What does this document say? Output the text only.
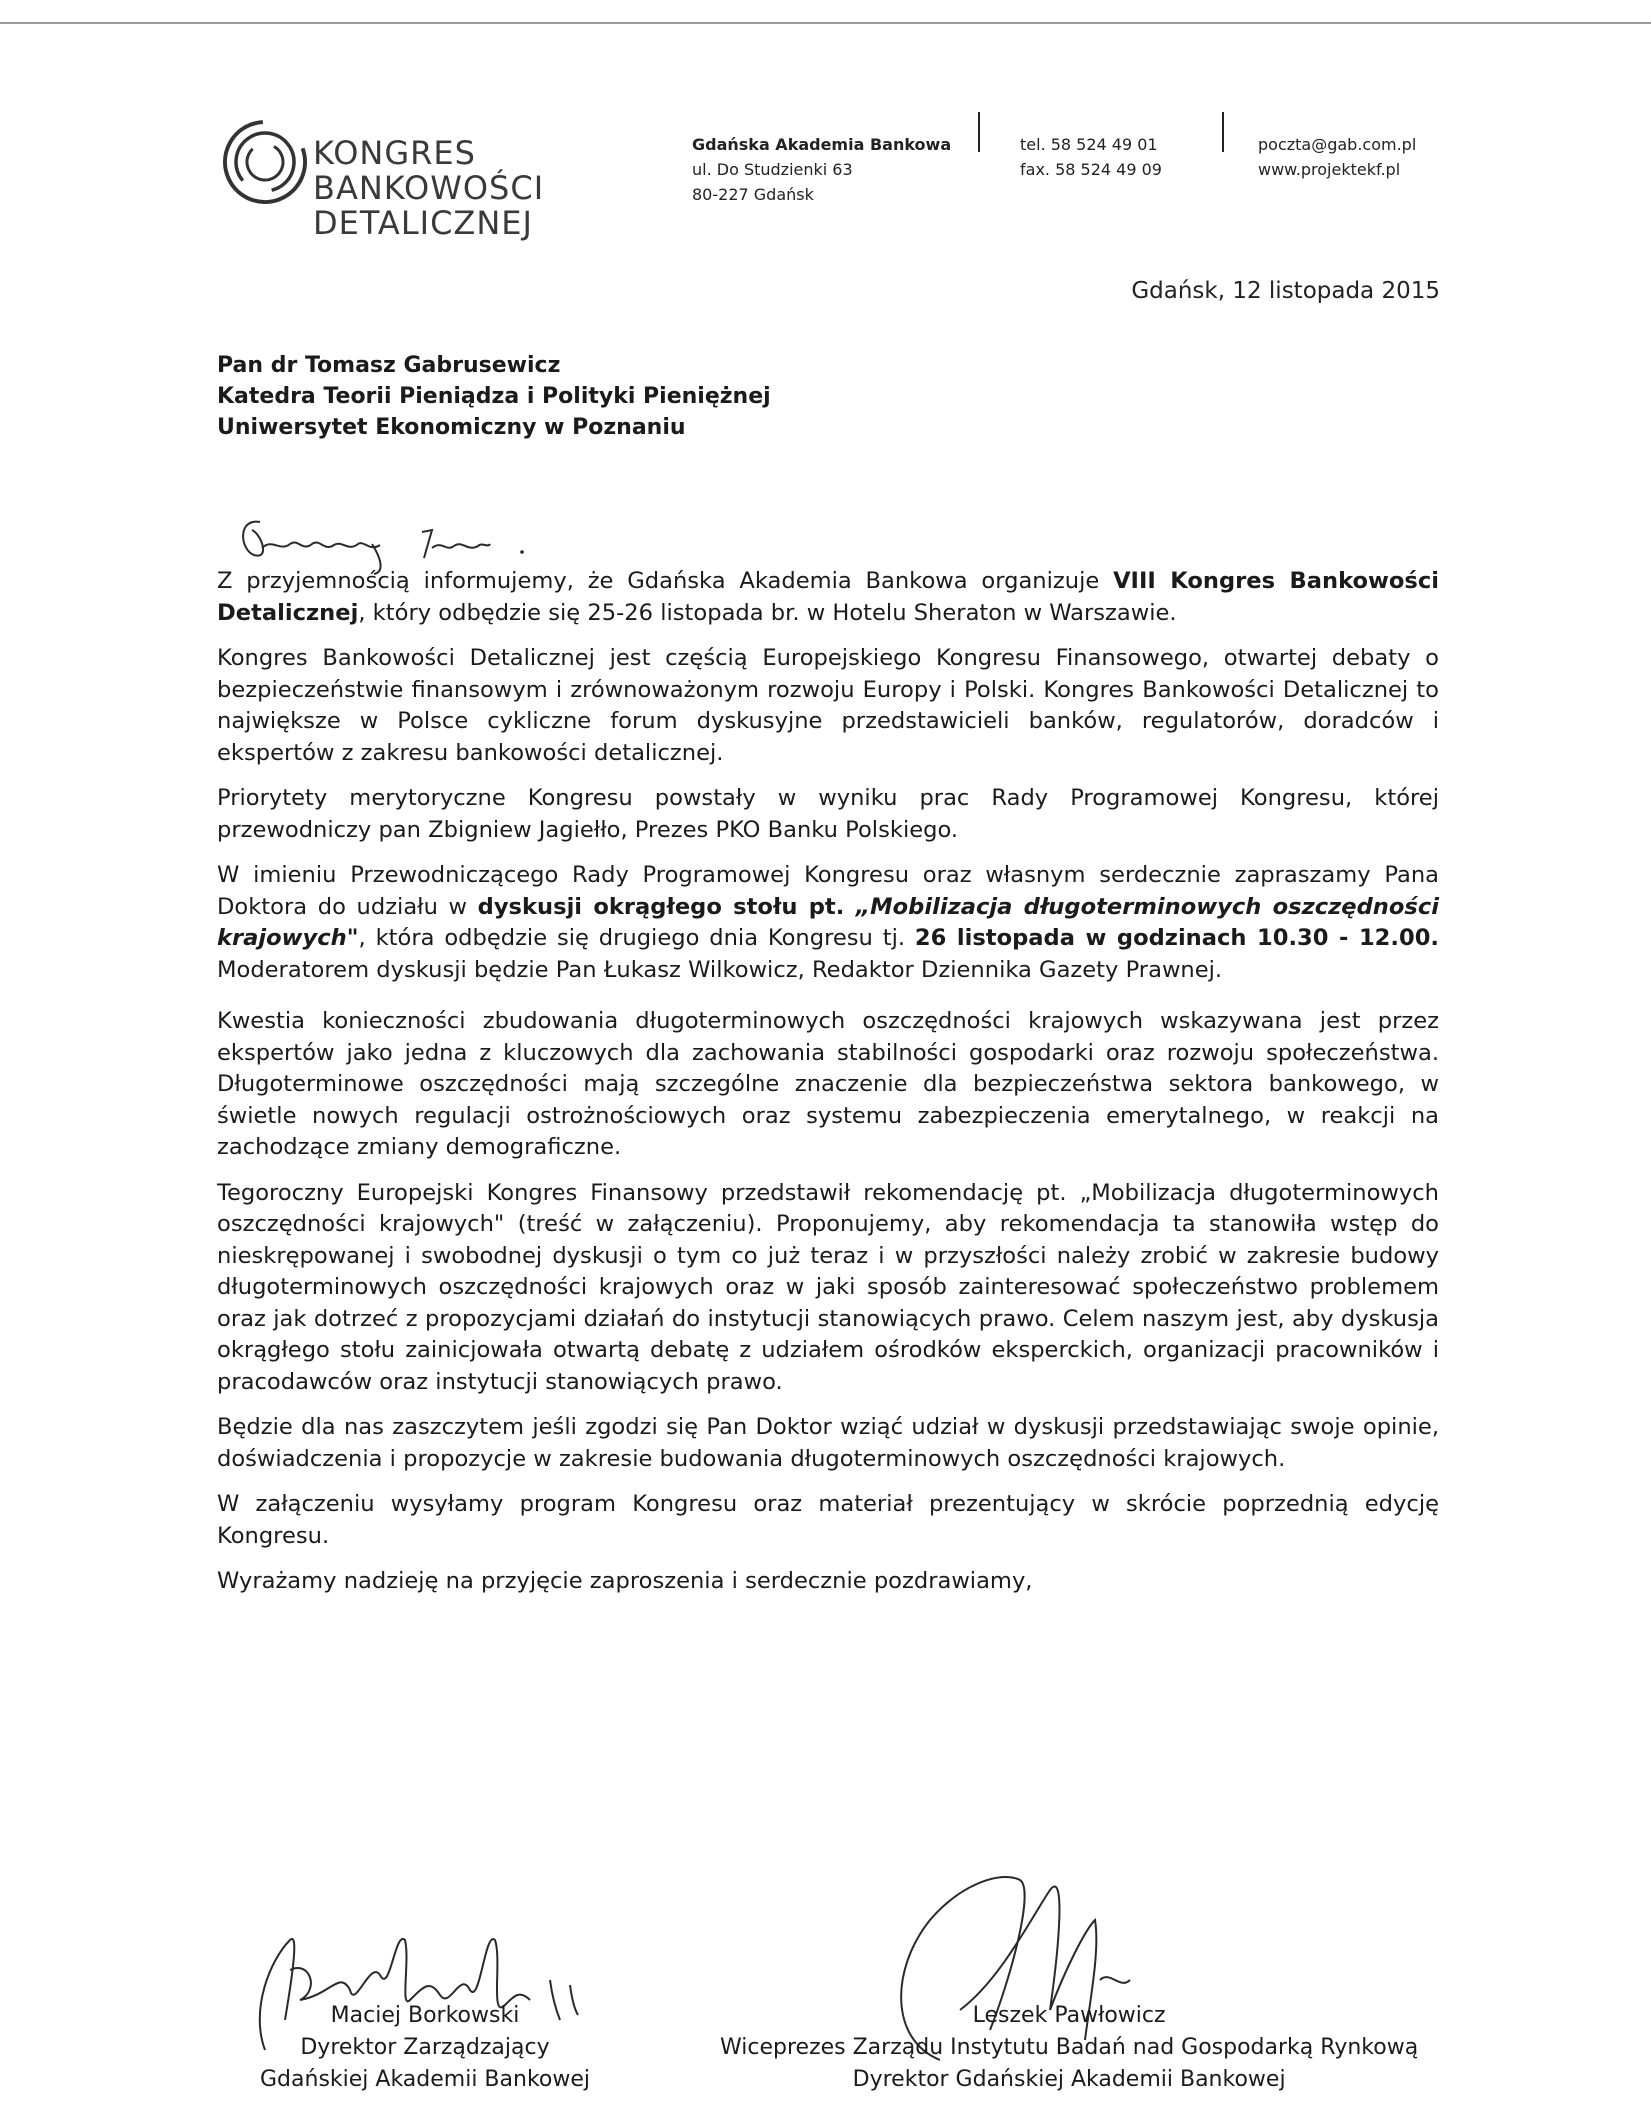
KONGRES
BANKOWOŚCI
DETALICZNEJ
Gdańska Akademia Bankowa
ul. Do Studzienki 63
80-227 Gdańsk
tel. 58 524 49 01
fax. 58 524 49 09
poczta@gab.com.pl
www.projektekf.pl
Gdańsk, 12 listopada 2015
Pan dr Tomasz Gabrusewicz
Katedra Teorii Pieniądza i Polityki Pieniężnej
Uniwersytet Ekonomiczny w Poznaniu

Z przyjemnością informujemy, że Gdańska Akademia Bankowa organizuje VIII Kongres Bankowości Detalicznej, który odbędzie się 25-26 listopada br. w Hotelu Sheraton w Warszawie.

Kongres Bankowości Detalicznej jest częścią Europejskiego Kongresu Finansowego, otwartej debaty o bezpieczeństwie finansowym i zrównoważonym rozwoju Europy i Polski. Kongres Bankowości Detalicznej to największe w Polsce cykliczne forum dyskusyjne przedstawicieli banków, regulatorów, doradców i ekspertów z zakresu bankowości detalicznej.

Priorytety merytoryczne Kongresu powstały w wyniku prac Rady Programowej Kongresu, której przewodniczy pan Zbigniew Jagiełło, Prezes PKO Banku Polskiego.

W imieniu Przewodniczącego Rady Programowej Kongresu oraz własnym serdecznie zapraszamy Pana Doktora do udziału w dyskusji okrągłego stołu pt. „Mobilizacja długoterminowych oszczędności krajowych", która odbędzie się drugiego dnia Kongresu tj. 26 listopada w godzinach 10.30 - 12.00. Moderatorem dyskusji będzie Pan Łukasz Wilkowicz, Redaktor Dziennika Gazety Prawnej.

Kwestia konieczności zbudowania długoterminowych oszczędności krajowych wskazywana jest przez ekspertów jako jedna z kluczowych dla zachowania stabilności gospodarki oraz rozwoju społeczeństwa. Długoterminowe oszczędności mają szczególne znaczenie dla bezpieczeństwa sektora bankowego, w świetle nowych regulacji ostrożnościowych oraz systemu zabezpieczenia emerytalnego, w reakcji na zachodzące zmiany demograficzne.

Tegoroczny Europejski Kongres Finansowy przedstawił rekomendację pt. „Mobilizacja długoterminowych oszczędności krajowych" (treść w załączeniu). Proponujemy, aby rekomendacja ta stanowiła wstęp do nieskrępowanej i swobodnej dyskusji o tym co już teraz i w przyszłości należy zrobić w zakresie budowy długoterminowych oszczędności krajowych oraz w jaki sposób zainteresować społeczeństwo problemem oraz jak dotrzeć z propozycjami działań do instytucji stanowiących prawo. Celem naszym jest, aby dyskusja okrągłego stołu zainicjowała otwartą debatę z udziałem ośrodków eksperckich, organizacji pracowników i pracodawców oraz instytucji stanowiących prawo.

Będzie dla nas zaszczytem jeśli zgodzi się Pan Doktor wziąć udział w dyskusji przedstawiając swoje opinie, doświadczenia i propozycje w zakresie budowania długoterminowych oszczędności krajowych.

W załączeniu wysyłamy program Kongresu oraz materiał prezentujący w skrócie poprzednią edycję Kongresu.

Wyrażamy nadzieję na przyjęcie zaproszenia i serdecznie pozdrawiamy,

Maciej Borkowski
Dyrektor Zarządzający
Gdańskiej Akademii Bankowej
Leszek Pawłowicz
Wiceprezes Zarządu Instytutu Badań nad Gospodarką Rynkową
Dyrektor Gdańskiej Akademii Bankowej
